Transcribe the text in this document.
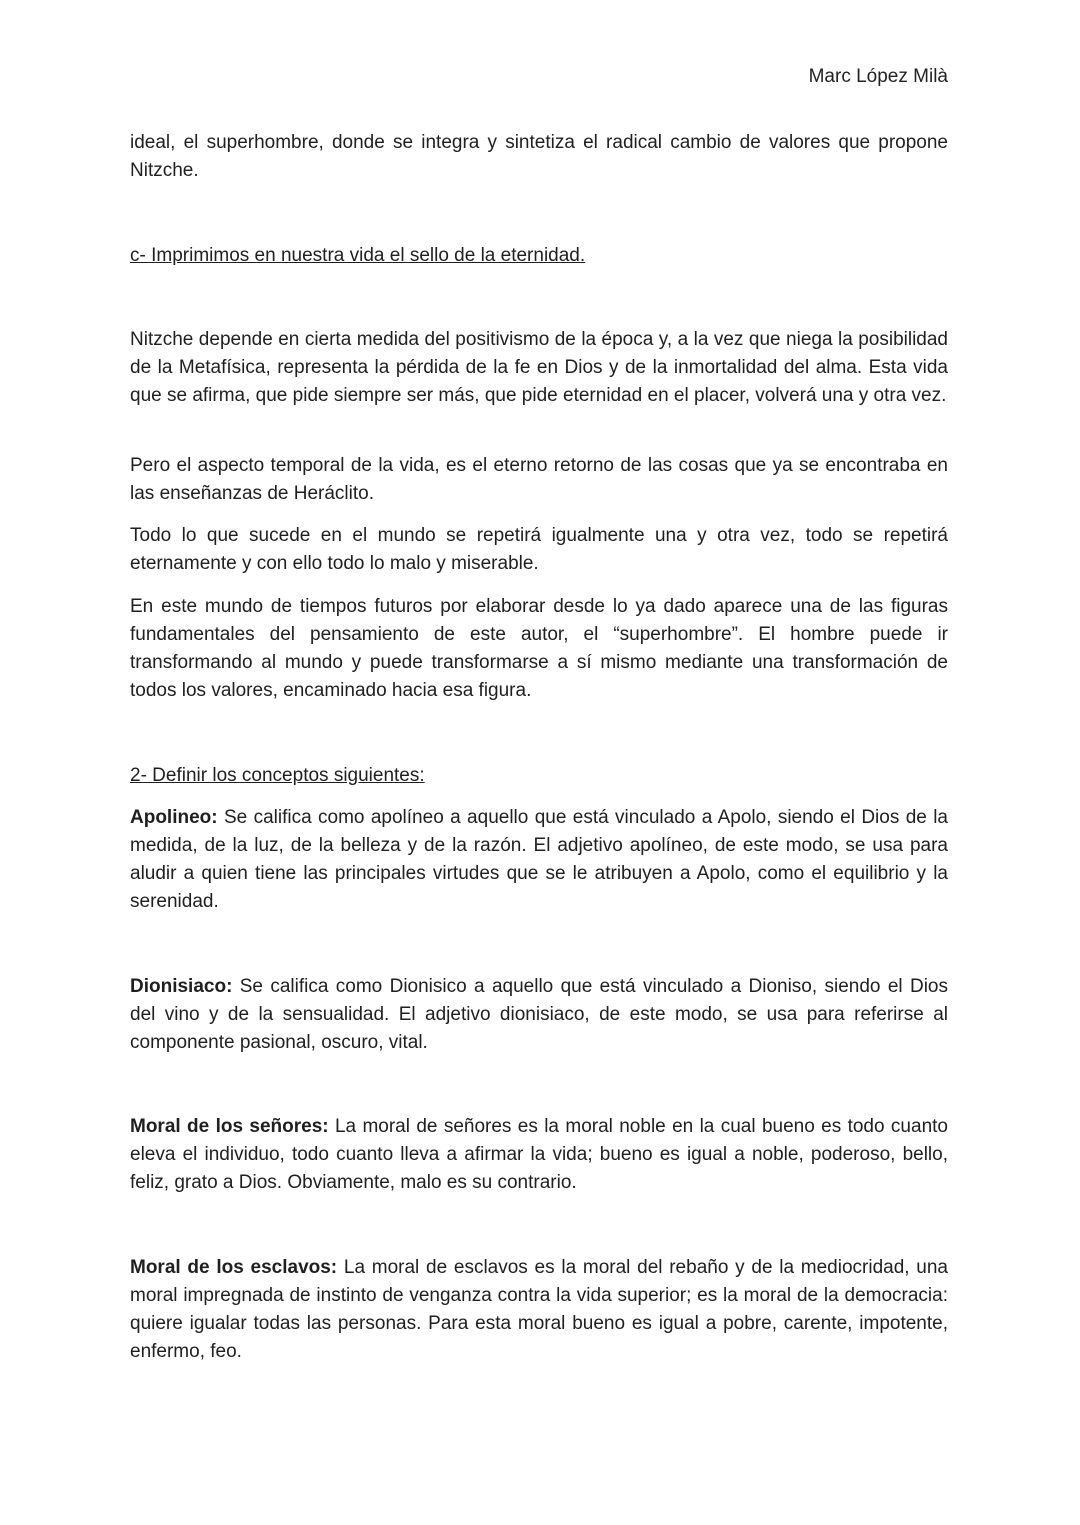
Marc López Milà

ideal, el superhombre, donde se integra y sintetiza el radical cambio de valores que propone Nitzche.

c- Imprimimos en nuestra vida el sello de la eternidad.

Nitzche depende en cierta medida del positivismo de la época y, a la vez que niega la posibilidad de la Metafísica, representa la pérdida de la fe en Dios y de la inmortalidad del alma. Esta vida que se afirma, que pide siempre ser más, que pide eternidad en el placer, volverá una y otra vez.

Pero el aspecto temporal de la vida, es el eterno retorno de las cosas que ya se encontraba en las enseñanzas de Heráclito.

Todo lo que sucede en el mundo se repetirá igualmente una y otra vez, todo se repetirá eternamente y con ello todo lo malo y miserable.

En este mundo de tiempos futuros por elaborar desde lo ya dado aparece una de las figuras fundamentales del pensamiento de este autor, el “superhombre”. El hombre puede ir transformando al mundo y puede transformarse a sí mismo mediante una transformación de todos los valores, encaminado hacia esa figura.

2- Definir los conceptos siguientes:

Apolineo: Se califica como apolíneo a aquello que está vinculado a Apolo, siendo el Dios de la medida, de la luz, de la belleza y de la razón. El adjetivo apolíneo, de este modo, se usa para aludir a quien tiene las principales virtudes que se le atribuyen a Apolo, como el equilibrio y la serenidad.

Dionisiaco: Se califica como Dionisico a aquello que está vinculado a Dioniso, siendo el Dios del vino y de la sensualidad. El adjetivo dionisiaco, de este modo, se usa para referirse al componente pasional, oscuro, vital.

Moral de los señores: La moral de señores es la moral noble en la cual bueno es todo cuanto eleva el individuo, todo cuanto lleva a afirmar la vida; bueno es igual a noble, poderoso, bello, feliz, grato a Dios. Obviamente, malo es su contrario.

Moral de los esclavos: La moral de esclavos es la moral del rebaño y de la mediocridad, una moral impregnada de instinto de venganza contra la vida superior; es la moral de la democracia: quiere igualar todas las personas. Para esta moral bueno es igual a pobre, carente, impotente, enfermo, feo.
